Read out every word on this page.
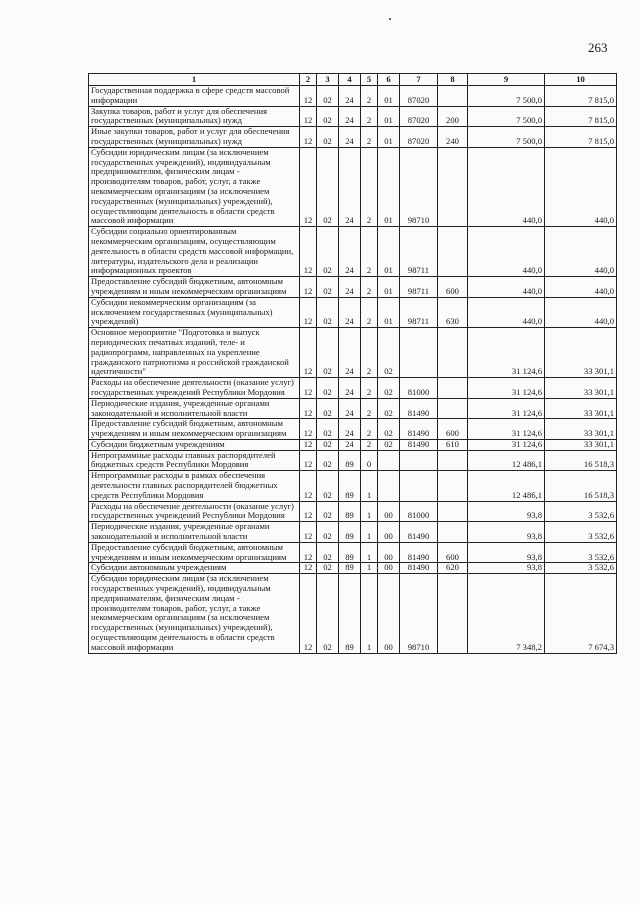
263
1	2	3	4	5	6	7	8	9	10
Государственная поддержка в сфере средств массовой информации	12	02	24	2	01	87020		7 500,0	7 815,0
Закупка товаров, работ и услуг для обеспечения государственных (муниципальных) нужд	12	02	24	2	01	87020	200	7 500,0	7 815,0
Иные закупки товаров, работ и услуг для обеспечения государственных (муниципальных) нужд	12	02	24	2	01	87020	240	7 500,0	7 815,0
Субсидии юридическим лицам (за исключением государственных учреждений), индивидуальным предпринимателям, физическим лицам - производителям товаров, работ, услуг, а также некоммерческим организациям (за исключением государственных (муниципальных) учреждений), осуществляющим деятельность в области средств массовой информации	12	02	24	2	01	98710		440,0	440,0
Субсидии социально ориентированным некоммерческим организациям, осуществляющим деятельность в области средств массовой информации, литературы, издательского дела и реализации информационных проектов	12	02	24	2	01	98711		440,0	440,0
Предоставление субсидий бюджетным, автономным учреждениям и иным некоммерческим организациям	12	02	24	2	01	98711	600	440,0	440,0
Субсидии некоммерческим организациям (за исключением государственных (муниципальных) учреждений)	12	02	24	2	01	98711	630	440,0	440,0
Основное мероприятие "Подготовка и выпуск периодических печатных изданий, теле- и радиопрограмм, направленных на укрепление гражданского патриотизма и российской гражданской идентичности"	12	02	24	2	02			31 124,6	33 301,1
Расходы на обеспечение деятельности (оказание услуг) государственных учреждений Республики Мордовия	12	02	24	2	02	81000		31 124,6	33 301,1
Периодические издания, учрежденные органами законодательной и исполнительной власти	12	02	24	2	02	81490		31 124,6	33 301,1
Предоставление субсидий бюджетным, автономным учреждениям и иным некоммерческим организациям	12	02	24	2	02	81490	600	31 124,6	33 301,1
Субсидии бюджетным учреждениям	12	02	24	2	02	81490	610	31 124,6	33 301,1
Непрограммные расходы главных распорядителей бюджетных средств Республики Мордовия	12	02	89	0				12 486,1	16 518,3
Непрограммные расходы в рамках обеспечения деятельности главных распорядителей бюджетных средств Республики Мордовия	12	02	89	1				12 486,1	16 518,3
Расходы на обеспечение деятельности (оказание услуг) государственных учреждений Республики Мордовия	12	02	89	1	00	81000		93,8	3 532,6
Периодические издания, учрежденные органами законодательной и исполнительной власти	12	02	89	1	00	81490		93,8	3 532,6
Предоставление субсидий бюджетным, автономным учреждениям и иным некоммерческим организациям	12	02	89	1	00	81490	600	93,8	3 532,6
Субсидии автономным учреждениям	12	02	89	1	00	81490	620	93,8	3 532,6
Субсидии юридическим лицам (за исключением государственных учреждений), индивидуальным предпринимателям, физическим лицам - производителям товаров, работ, услуг, а также некоммерческим организациям (за исключением государственных (муниципальных) учреждений), осуществляющим деятельность в области средств массовой информации	12	02	89	1	00	98710		7 348,2	7 674,3
